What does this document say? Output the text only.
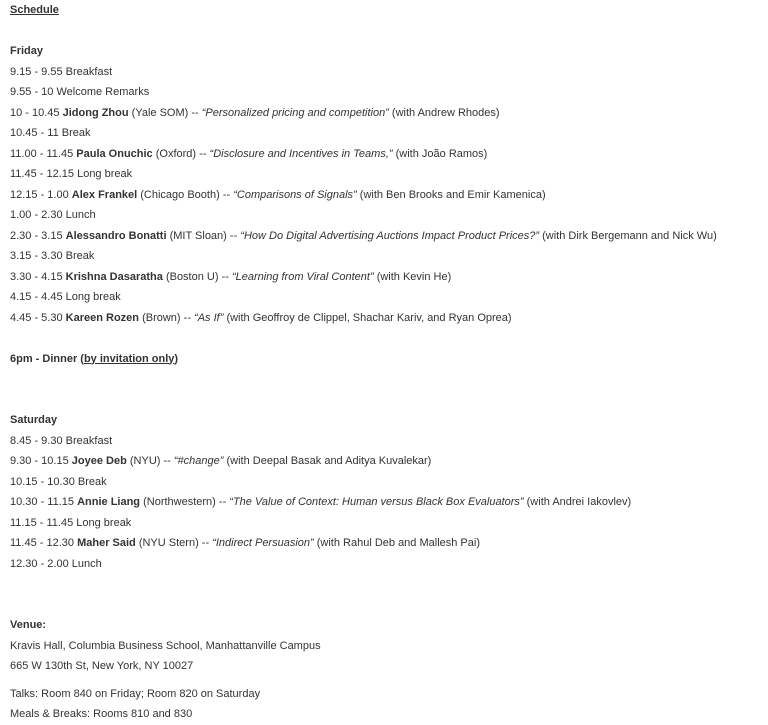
Schedule
Friday
9.15 - 9.55 Breakfast
9.55 - 10 Welcome Remarks
10 - 10.45 Jidong Zhou (Yale SOM) -- “Personalized pricing and competition” (with Andrew Rhodes)
10.45 - 11 Break
11.00 - 11.45 Paula Onuchic (Oxford) -- “Disclosure and Incentives in Teams,” (with João Ramos)
11.45 - 12.15 Long break
12.15 - 1.00 Alex Frankel (Chicago Booth) -- “Comparisons of Signals” (with Ben Brooks and Emir Kamenica)
1.00 - 2.30 Lunch
2.30 - 3.15 Alessandro Bonatti (MIT Sloan) -- “How Do Digital Advertising Auctions Impact Product Prices?” (with Dirk Bergemann and Nick Wu)
3.15 - 3.30 Break
3.30 - 4.15 Krishna Dasaratha (Boston U) -- “Learning from Viral Content” (with Kevin He)
4.15 - 4.45 Long break
4.45 - 5.30 Kareen Rozen (Brown) -- “As If” (with Geoffroy de Clippel, Shachar Kariv, and Ryan Oprea)
6pm - Dinner (by invitation only)
Saturday
8.45 - 9.30 Breakfast
9.30 - 10.15 Joyee Deb (NYU) -- “#change” (with Deepal Basak and Aditya Kuvalekar)
10.15 - 10.30 Break
10.30 - 11.15 Annie Liang (Northwestern) -- “The Value of Context: Human versus Black Box Evaluators” (with Andrei Iakovlev)
11.15 - 11.45 Long break
11.45 - 12.30 Maher Said (NYU Stern) -- “Indirect Persuasion” (with Rahul Deb and Mallesh Pai)
12.30 - 2.00 Lunch
Venue:
Kravis Hall, Columbia Business School, Manhattanville Campus
665 W 130th St, New York, NY 10027
Talks: Room 840 on Friday; Room 820 on Saturday
Meals & Breaks: Rooms 810 and 830
